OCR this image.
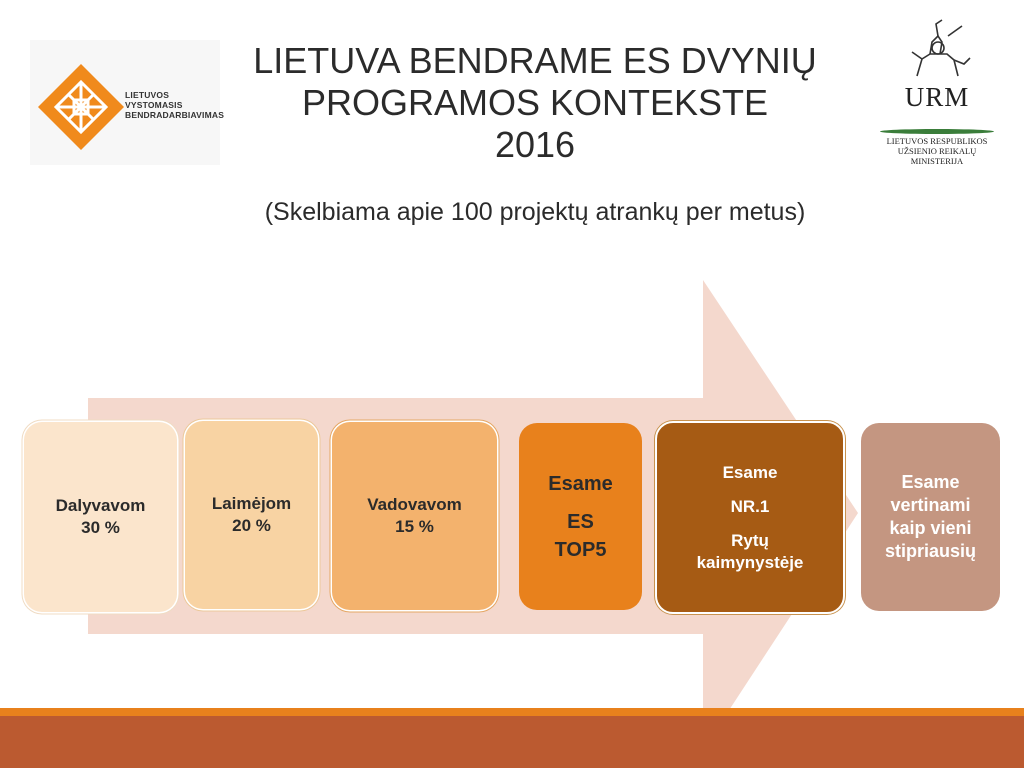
LIETUVOS
VYSTOMASIS
BENDRADARBIAVIMAS
LIETUVA BENDRAME ES DVYNIŲ
PROGRAMOS KONTEKSTE
2016
(Skelbiama apie 100 projektų atrankų per metus)
URM
LIETUVOS RESPUBLIKOS
UŽSIENIO REIKALŲ
MINISTERIJA
Dalyvavom
30 %
Laimėjom
20 %
Vadovavom
15 %
Esame
ES
TOP5
Esame
NR.1
Rytų
kaimynystėje
Esame
vertinami
kaip vieni
stipriausių
